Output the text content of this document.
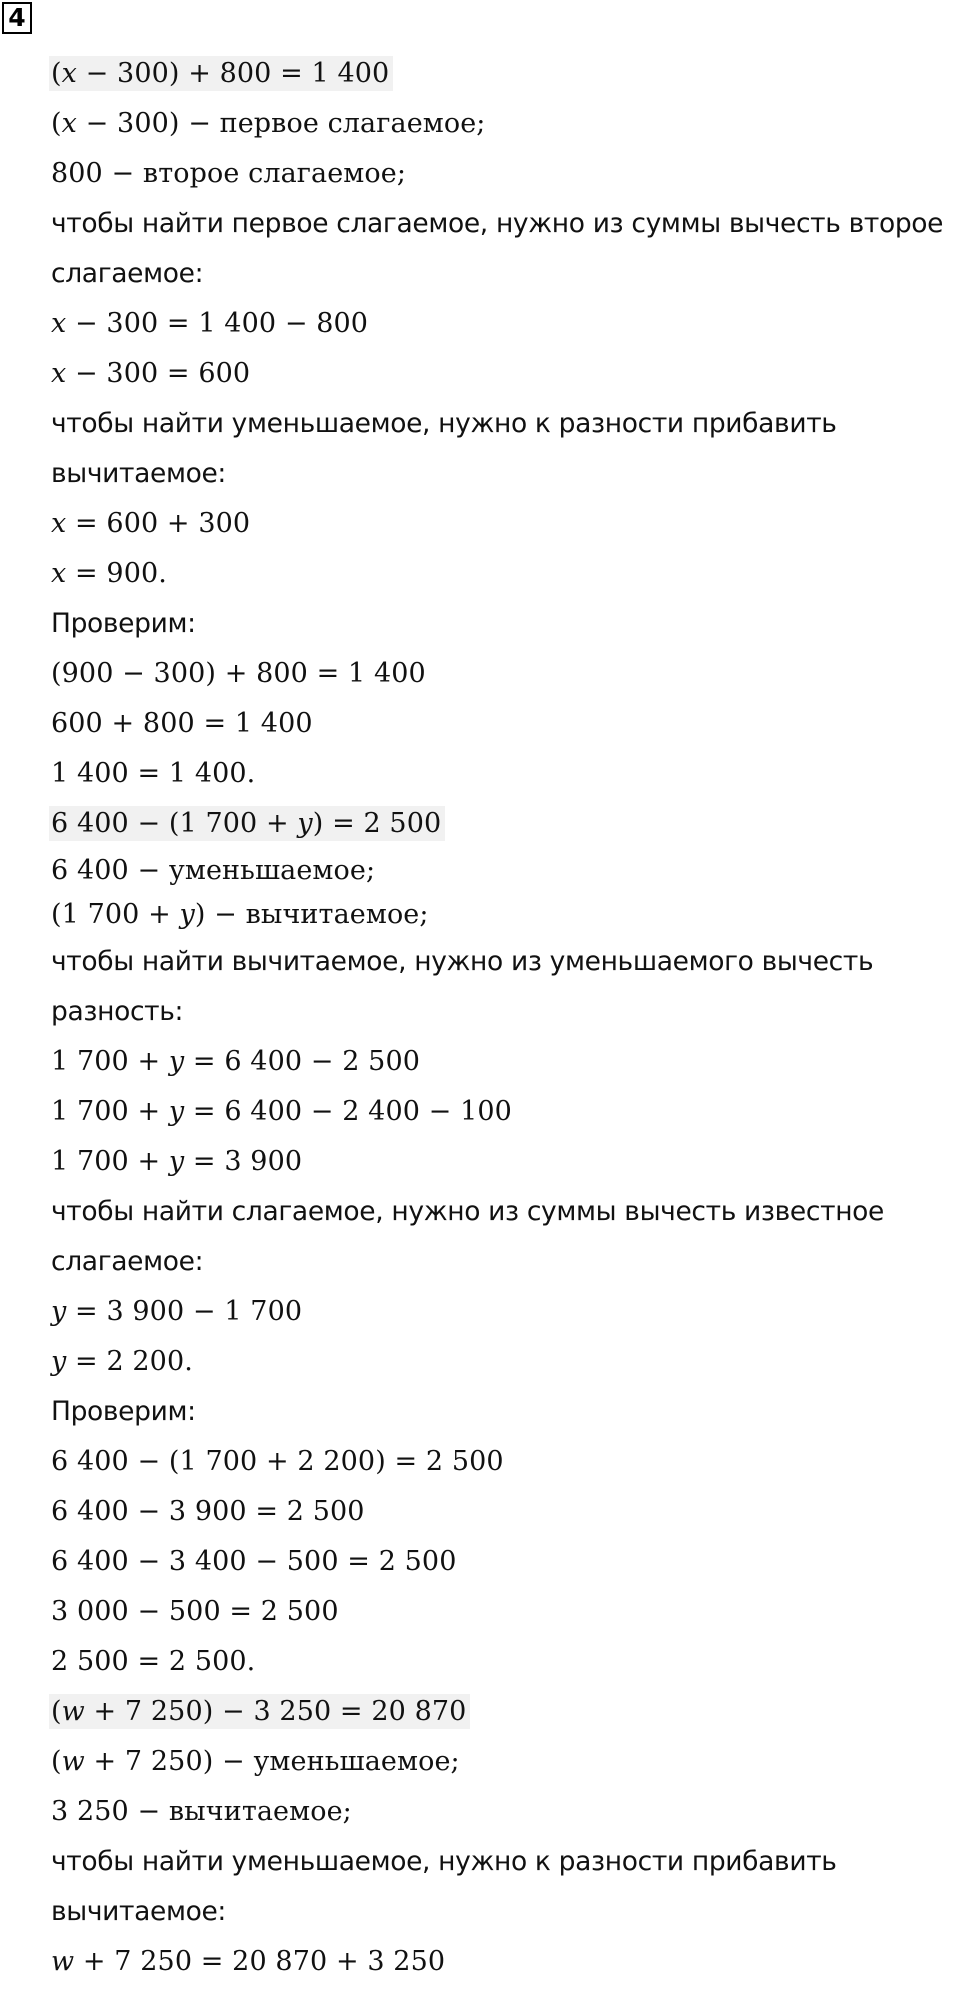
4
(𝑥 − 300) + 800 = 1 400
(𝑥 − 300) − первое слагаемое;
800 − второе слагаемое;
чтобы найти первое слагаемое, нужно из суммы вычесть второе
слагаемое:
𝑥 − 300 = 1 400 − 800
𝑥 − 300 = 600
чтобы найти уменьшаемое, нужно к разности прибавить
вычитаемое:
𝑥 = 600 + 300
𝑥 = 900.
Проверим:
(900 − 300) + 800 = 1 400
600 + 800 = 1 400
1 400 = 1 400.
6 400 − (1 700 + 𝑦) = 2 500
6 400 − уменьшаемое;
(1 700 + 𝑦) − вычитаемое;
чтобы найти вычитаемое, нужно из уменьшаемого вычесть
разность:
1 700 + 𝑦 = 6 400 − 2 500
1 700 + 𝑦 = 6 400 − 2 400 − 100
1 700 + 𝑦 = 3 900
чтобы найти слагаемое, нужно из суммы вычесть известное
слагаемое:
𝑦 = 3 900 − 1 700
𝑦 = 2 200.
Проверим:
6 400 − (1 700 + 2 200) = 2 500
6 400 − 3 900 = 2 500
6 400 − 3 400 − 500 = 2 500
3 000 − 500 = 2 500
2 500 = 2 500.
(𝑤 + 7 250) − 3 250 = 20 870
(𝑤 + 7 250) − уменьшаемое;
3 250 − вычитаемое;
чтобы найти уменьшаемое, нужно к разности прибавить
вычитаемое:
𝑤 + 7 250 = 20 870 + 3 250
